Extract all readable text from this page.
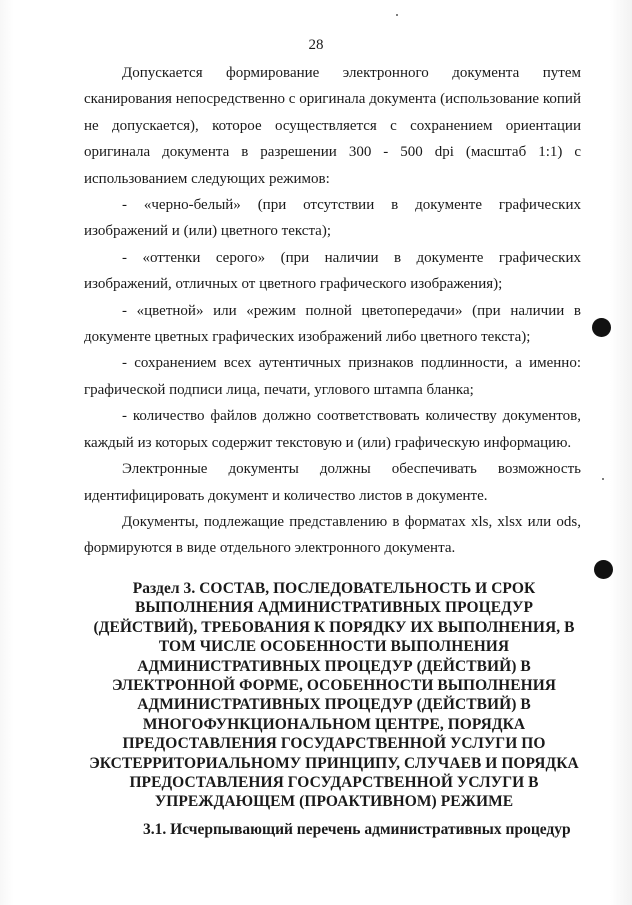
28

Допускается формирование электронного документа путем сканирования непосредственно с оригинала документа (использование копий не допускается), которое осуществляется с сохранением ориентации оригинала документа в разрешении 300 - 500 dpi (масштаб 1:1) с использованием следующих режимов:

- «черно-белый» (при отсутствии в документе графических изображений и (или) цветного текста);

- «оттенки серого» (при наличии в документе графических изображений, отличных от цветного графического изображения);

- «цветной» или «режим полной цветопередачи» (при наличии в документе цветных графических изображений либо цветного текста);

- сохранением всех аутентичных признаков подлинности, а именно: графической подписи лица, печати, углового штампа бланка;

- количество файлов должно соответствовать количеству документов, каждый из которых содержит текстовую и (или) графическую информацию.

Электронные документы должны обеспечивать возможность идентифицировать документ и количество листов в документе.

Документы, подлежащие представлению в форматах xls, xlsx или ods, формируются в виде отдельного электронного документа.

Раздел 3. СОСТАВ, ПОСЛЕДОВАТЕЛЬНОСТЬ И СРОК ВЫПОЛНЕНИЯ АДМИНИСТРАТИВНЫХ ПРОЦЕДУР (ДЕЙСТВИЙ), ТРЕБОВАНИЯ К ПОРЯДКУ ИХ ВЫПОЛНЕНИЯ, В ТОМ ЧИСЛЕ ОСОБЕННОСТИ ВЫПОЛНЕНИЯ АДМИНИСТРАТИВНЫХ ПРОЦЕДУР (ДЕЙСТВИЙ) В ЭЛЕКТРОННОЙ ФОРМЕ, ОСОБЕННОСТИ ВЫПОЛНЕНИЯ АДМИНИСТРАТИВНЫХ ПРОЦЕДУР (ДЕЙСТВИЙ) В МНОГОФУНКЦИОНАЛЬНОМ ЦЕНТРЕ, ПОРЯДКА ПРЕДОСТАВЛЕНИЯ ГОСУДАРСТВЕННОЙ УСЛУГИ ПО ЭКСТЕРРИТОРИАЛЬНОМУ ПРИНЦИПУ, СЛУЧАЕВ И ПОРЯДКА ПРЕДОСТАВЛЕНИЯ ГОСУДАРСТВЕННОЙ УСЛУГИ В УПРЕЖДАЮЩЕМ (ПРОАКТИВНОМ) РЕЖИМЕ
3.1. Исчерпывающий перечень административных процедур
